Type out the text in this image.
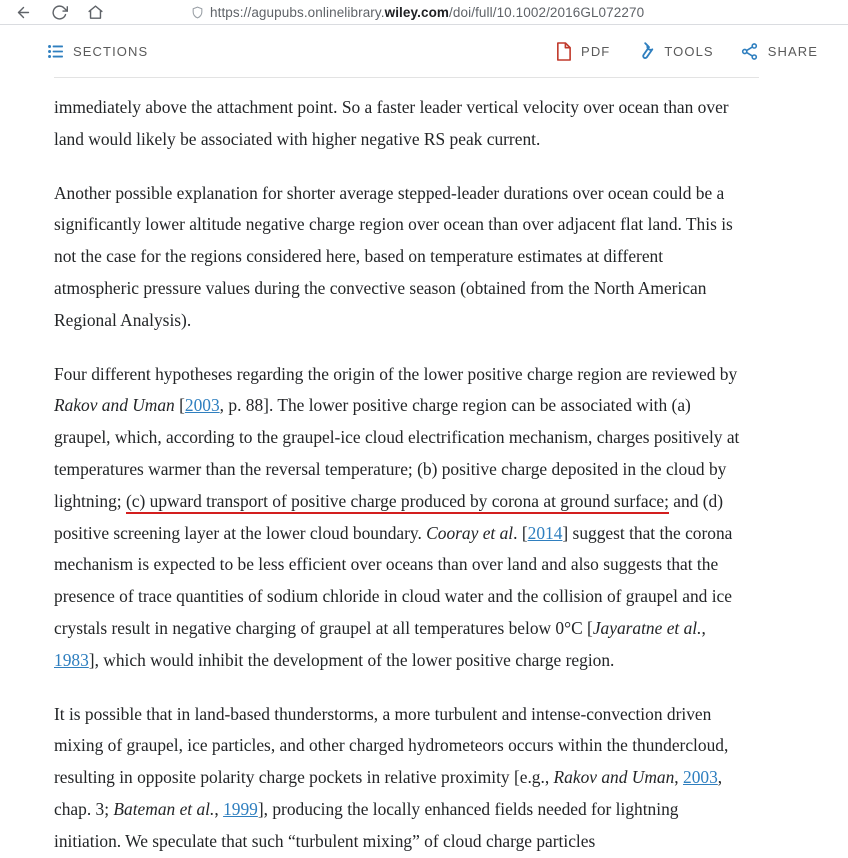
https://agupubs.onlinelibrary.wiley.com/doi/full/10.1002/2016GL072270
SECTIONS	PDF	TOOLS	SHARE

immediately above the attachment point. So a faster leader vertical velocity over ocean than over land would likely be associated with higher negative RS peak current.

Another possible explanation for shorter average stepped-leader durations over ocean could be a significantly lower altitude negative charge region over ocean than over adjacent flat land. This is not the case for the regions considered here, based on temperature estimates at different atmospheric pressure values during the convective season (obtained from the North American Regional Analysis).

Four different hypotheses regarding the origin of the lower positive charge region are reviewed by Rakov and Uman [2003, p. 88]. The lower positive charge region can be associated with (a) graupel, which, according to the graupel-ice cloud electrification mechanism, charges positively at temperatures warmer than the reversal temperature; (b) positive charge deposited in the cloud by lightning; (c) upward transport of positive charge produced by corona at ground surface; and (d) positive screening layer at the lower cloud boundary. Cooray et al. [2014] suggest that the corona mechanism is expected to be less efficient over oceans than over land and also suggests that the presence of trace quantities of sodium chloride in cloud water and the collision of graupel and ice crystals result in negative charging of graupel at all temperatures below 0°C [Jayaratne et al., 1983], which would inhibit the development of the lower positive charge region.

It is possible that in land-based thunderstorms, a more turbulent and intense-convection driven mixing of graupel, ice particles, and other charged hydrometeors occurs within the thundercloud, resulting in opposite polarity charge pockets in relative proximity [e.g., Rakov and Uman, 2003, chap. 3; Bateman et al., 1999], producing the locally enhanced fields needed for lightning initiation. We speculate that such “turbulent mixing” of cloud charge particles
